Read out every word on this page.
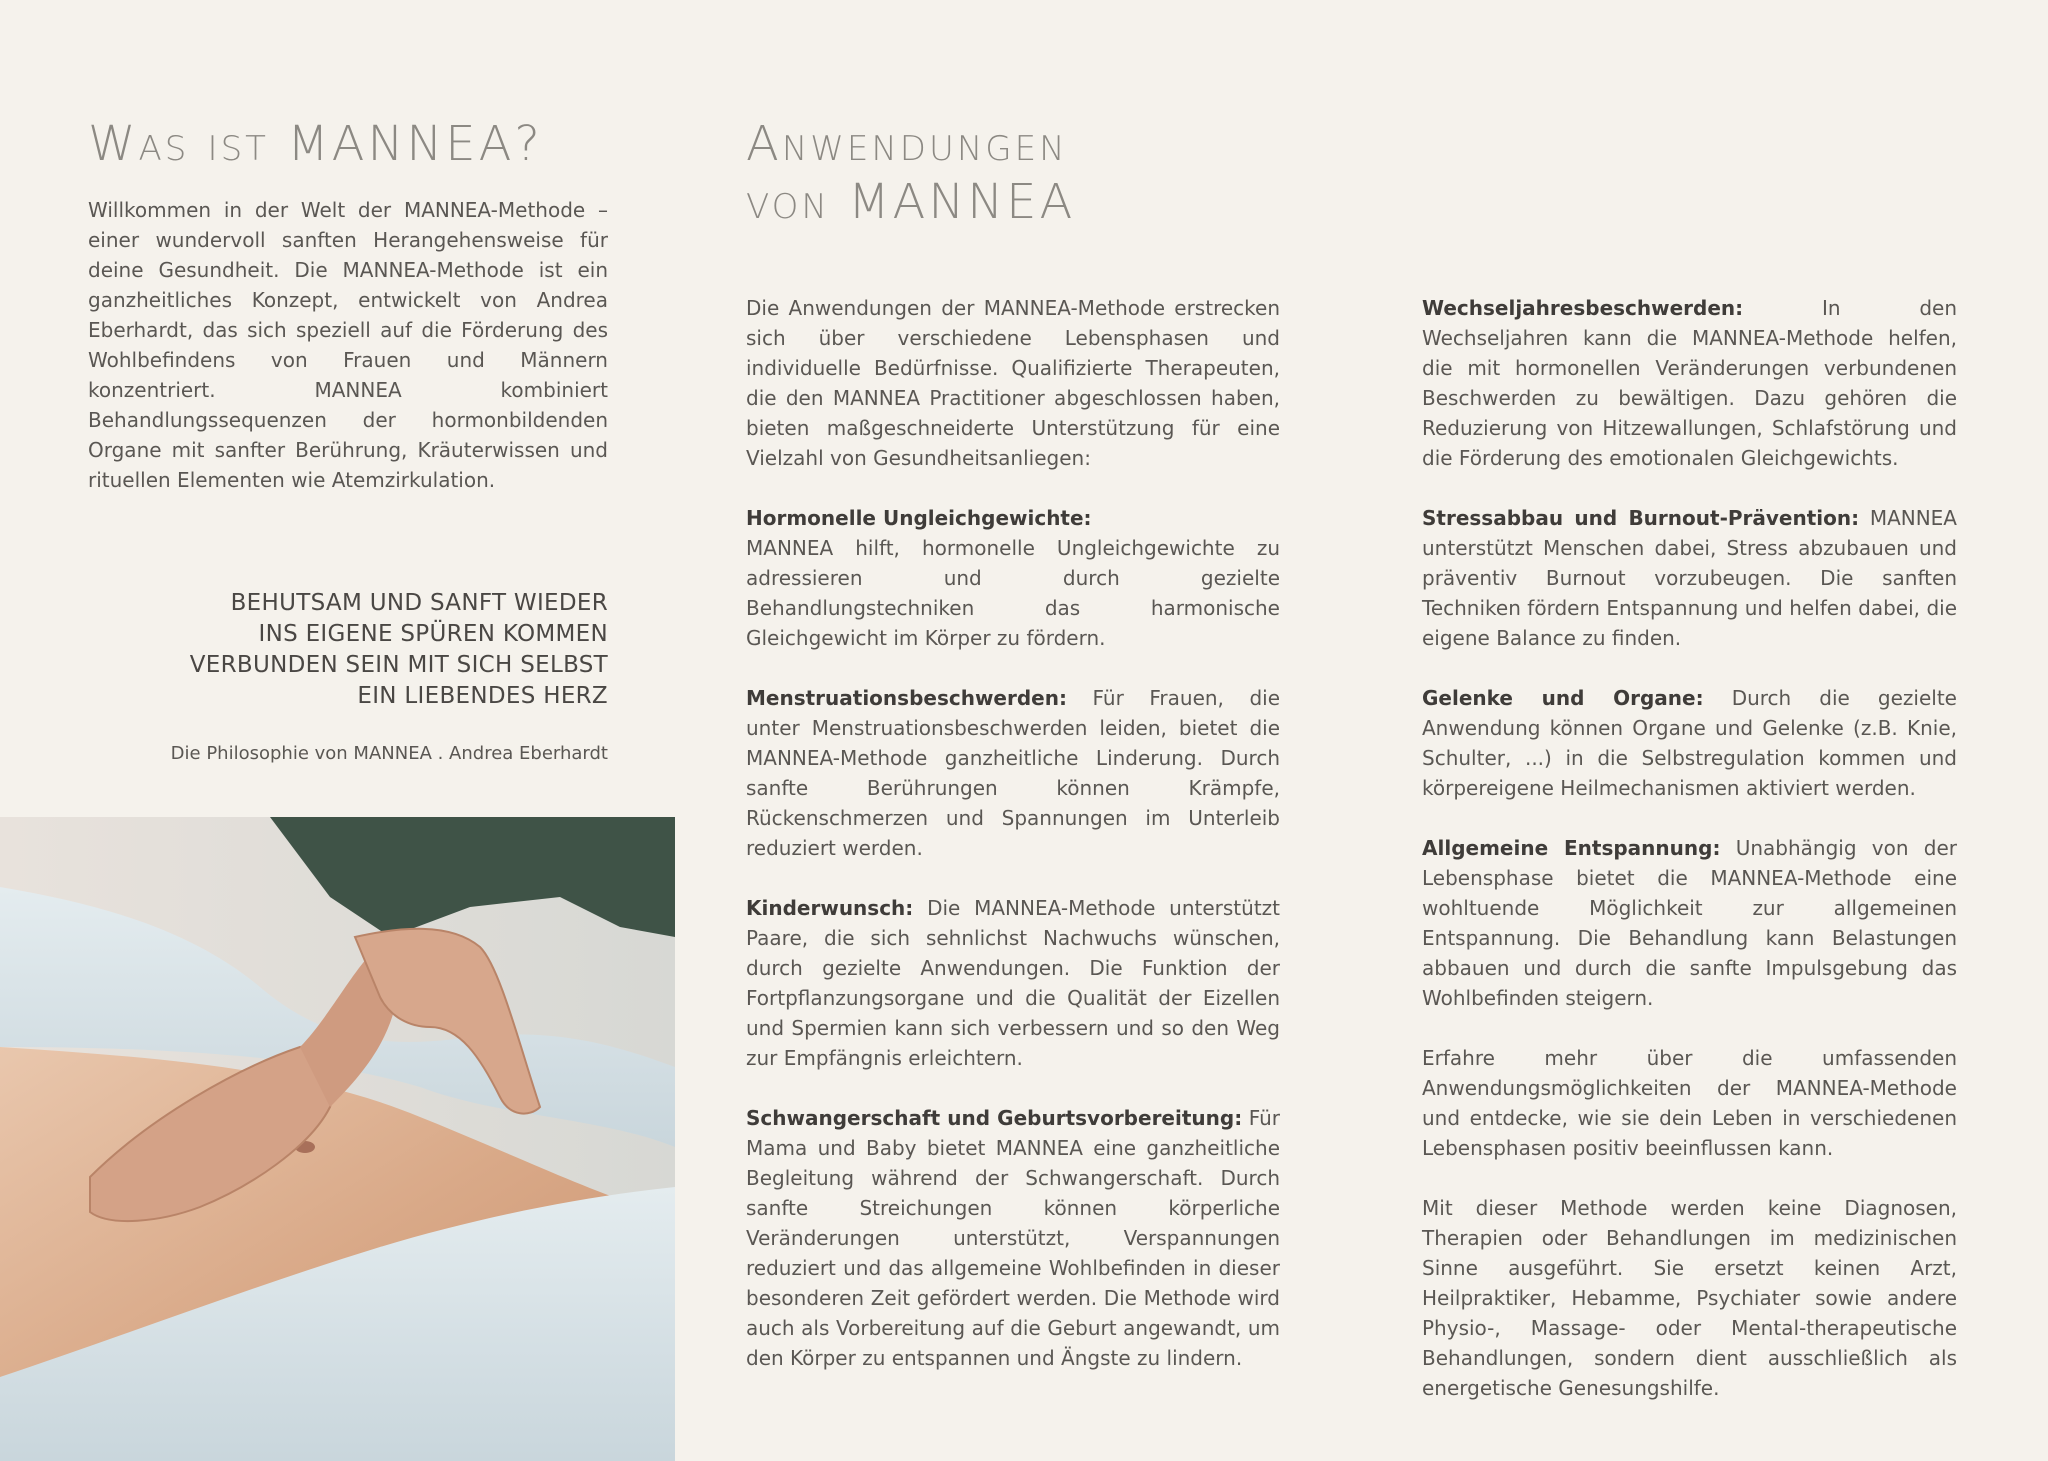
Was ist MANNEA?

Willkommen in der Welt der MANNEA-Methode – einer wundervoll sanften Herangehensweise für deine Gesundheit. Die MANNEA-Methode ist ein ganzheitliches Konzept, entwickelt von Andrea Eberhardt, das sich speziell auf die Förderung des Wohlbefindens von Frauen und Männern konzentriert. MANNEA kombiniert Behandlungssequenzen der hormonbildenden Organe mit sanfter Berührung, Kräuterwissen und rituellen Elementen wie Atemzirkulation.

BEHUTSAM UND SANFT WIEDER
INS EIGENE SPÜREN KOMMEN
VERBUNDEN SEIN MIT SICH SELBST
EIN LIEBENDES HERZ
Die Philosophie von MANNEA . Andrea Eberhardt
Anwendungen
von MANNEA

Die Anwendungen der MANNEA-Methode erstrecken sich über verschiedene Lebensphasen und individuelle Bedürfnisse. Qualifizierte Therapeuten, die den MANNEA Practitioner abgeschlossen haben, bieten maßgeschneiderte Unterstützung für eine Vielzahl von Gesundheitsanliegen:

Hormonelle Ungleichgewichte:
MANNEA hilft, hormonelle Ungleichgewichte zu adressieren und durch gezielte Behandlungstechniken das harmonische Gleichgewicht im Körper zu fördern.

Menstruationsbeschwerden: Für Frauen, die unter Menstruationsbeschwerden leiden, bietet die MANNEA-Methode ganzheitliche Linderung. Durch sanfte Berührungen können Krämpfe, Rückenschmerzen und Spannungen im Unterleib reduziert werden.

Kinderwunsch: Die MANNEA-Methode unterstützt Paare, die sich sehnlichst Nachwuchs wünschen, durch gezielte Anwendungen. Die Funktion der Fortpflanzungsorgane und die Qualität der Eizellen und Spermien kann sich verbessern und so den Weg zur Empfängnis erleichtern.

Schwangerschaft und Geburtsvorbereitung: Für Mama und Baby bietet MANNEA eine ganzheitliche Begleitung während der Schwangerschaft. Durch sanfte Streichungen können körperliche Veränderungen unterstützt, Verspannungen reduziert und das allgemeine Wohlbefinden in dieser besonderen Zeit gefördert werden. Die Methode wird auch als Vorbereitung auf die Geburt angewandt, um den Körper zu entspannen und Ängste zu lindern.

Wechseljahresbeschwerden:	In den Wechseljahren kann die MANNEA-Methode helfen, die mit hormonellen Veränderungen verbundenen Beschwerden zu bewältigen. Dazu gehören die Reduzierung von Hitzewallungen, Schlafstörung und die Förderung des emotionalen Gleichgewichts.

Stressabbau und Burnout-Prävention: MANNEA unterstützt Menschen dabei, Stress abzubauen und präventiv Burnout vorzubeugen. Die sanften Techniken fördern Entspannung und helfen dabei, die eigene Balance zu finden.

Gelenke und Organe: Durch die gezielte Anwendung können Organe und Gelenke (z.B. Knie, Schulter, ...) in die Selbstregulation kommen und körpereigene Heilmechanismen aktiviert werden.

Allgemeine Entspannung: Unabhängig von der Lebensphase bietet die MANNEA-Methode eine wohltuende Möglichkeit zur allgemeinen Entspannung. Die Behandlung kann Belastungen abbauen und durch die sanfte Impulsgebung das Wohlbefinden steigern.

Erfahre mehr über die umfassenden Anwendungsmöglichkeiten der MANNEA-Methode und entdecke, wie sie dein Leben in verschiedenen Lebensphasen positiv beeinflussen kann.

Mit dieser Methode werden keine Diagnosen, Therapien oder Behandlungen im medizinischen Sinne ausgeführt. Sie ersetzt keinen Arzt, Heilpraktiker, Hebamme, Psychiater sowie andere Physio-, Massage- oder Mental-therapeutische Behandlungen, sondern dient ausschließlich als energetische Genesungshilfe.
